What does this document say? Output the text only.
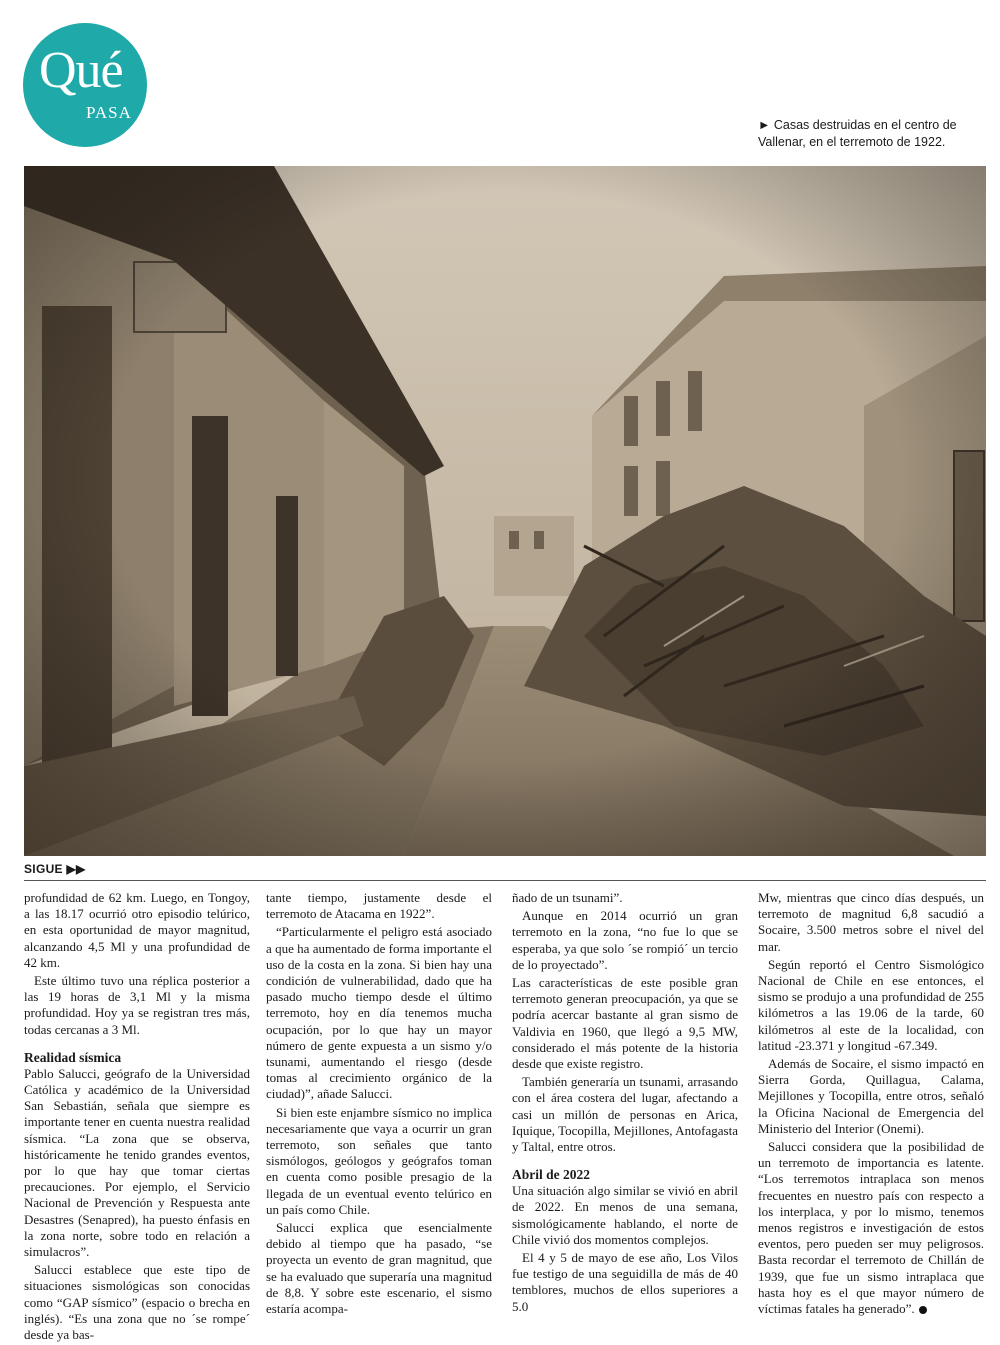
Qué
PASA
► Casas destruidas en el centro de Vallenar, en el terremoto de 1922.
SIGUE ▶▶

profundidad de 62 km. Luego, en Tongoy, a las 18.17 ocurrió otro episodio telúrico, en esta oportunidad de mayor magnitud, alcanzando 4,5 Ml y una profundidad de 42 km.

Este último tuvo una réplica posterior a las 19 horas de 3,1 Ml y la misma profundidad. Hoy ya se registran tres más, todas cercanas a 3 Ml.

Realidad sísmica

Pablo Salucci, geógrafo de la Universidad Católica y académico de la Universidad San Sebastián, señala que siempre es importante tener en cuenta nuestra realidad sísmica. “La zona que se observa, históricamente he tenido grandes eventos, por lo que hay que tomar ciertas precauciones. Por ejemplo, el Servicio Nacional de Prevención y Respuesta ante Desastres (Senapred), ha puesto énfasis en la zona norte, sobre todo en relación a simulacros”.

Salucci establece que este tipo de situaciones sismológicas son conocidas como “GAP sísmico” (espacio o brecha en inglés). “Es una zona que no ´se rompe´ desde ya bas-

tante tiempo, justamente desde el terremoto de Atacama en 1922”.

“Particularmente el peligro está asociado a que ha aumentado de forma importante el uso de la costa en la zona. Si bien hay una condición de vulnerabilidad, dado que ha pasado mucho tiempo desde el último terremoto, hoy en día tenemos mucha ocupación, por lo que hay un mayor número de gente expuesta a un sismo y/o tsunami, aumentando el riesgo (desde tomas al crecimiento orgánico de la ciudad)”, añade Salucci.

Si bien este enjambre sísmico no implica necesariamente que vaya a ocurrir un gran terremoto, son señales que tanto sismólogos, geólogos y geógrafos toman en cuenta como posible presagio de la llegada de un eventual evento telúrico en un país como Chile.

Salucci explica que esencialmente debido al tiempo que ha pasado, “se proyecta un evento de gran magnitud, que se ha evaluado que superaría una magnitud de 8,8. Y sobre este escenario, el sismo estaría acompa-

ñado de un tsunami”.

Aunque en 2014 ocurrió un gran terremoto en la zona, “no fue lo que se esperaba, ya que solo ´se rompió´ un tercio de lo proyectado”.

Las características de este posible gran terremoto generan preocupación, ya que se podría acercar bastante al gran sismo de Valdivia en 1960, que llegó a 9,5 MW, considerado el más potente de la historia desde que existe registro.

También generaría un tsunami, arrasando con el área costera del lugar, afectando a casi un millón de personas en Arica, Iquique, Tocopilla, Mejillones, Antofagasta y Taltal, entre otros.

Abril de 2022

Una situación algo similar se vivió en abril de 2022. En menos de una semana, sismológicamente hablando, el norte de Chile vivió dos momentos complejos.

El 4 y 5 de mayo de ese año, Los Vilos fue testigo de una seguidilla de más de 40 temblores, muchos de ellos superiores a 5.0

Mw, mientras que cinco días después, un terremoto de magnitud 6,8 sacudió a Socaire, 3.500 metros sobre el nivel del mar.

Según reportó el Centro Sismológico Nacional de Chile en ese entonces, el sismo se produjo a una profundidad de 255 kilómetros a las 19.06 de la tarde, 60 kilómetros al este de la localidad, con latitud -23.371 y longitud -67.349.

Además de Socaire, el sismo impactó en Sierra Gorda, Quillagua, Calama, Mejillones y Tocopilla, entre otros, señaló la Oficina Nacional de Emergencia del Ministerio del Interior (Onemi).

Salucci considera que la posibilidad de un terremoto de importancia es latente. “Los terremotos intraplaca son menos frecuentes en nuestro país con respecto a los interplaca, y por lo mismo, tenemos menos registros e investigación de estos eventos, pero pueden ser muy peligrosos. Basta recordar el terremoto de Chillán de 1939, que fue un sismo intraplaca que hasta hoy es el que mayor número de víctimas fatales ha generado”.
